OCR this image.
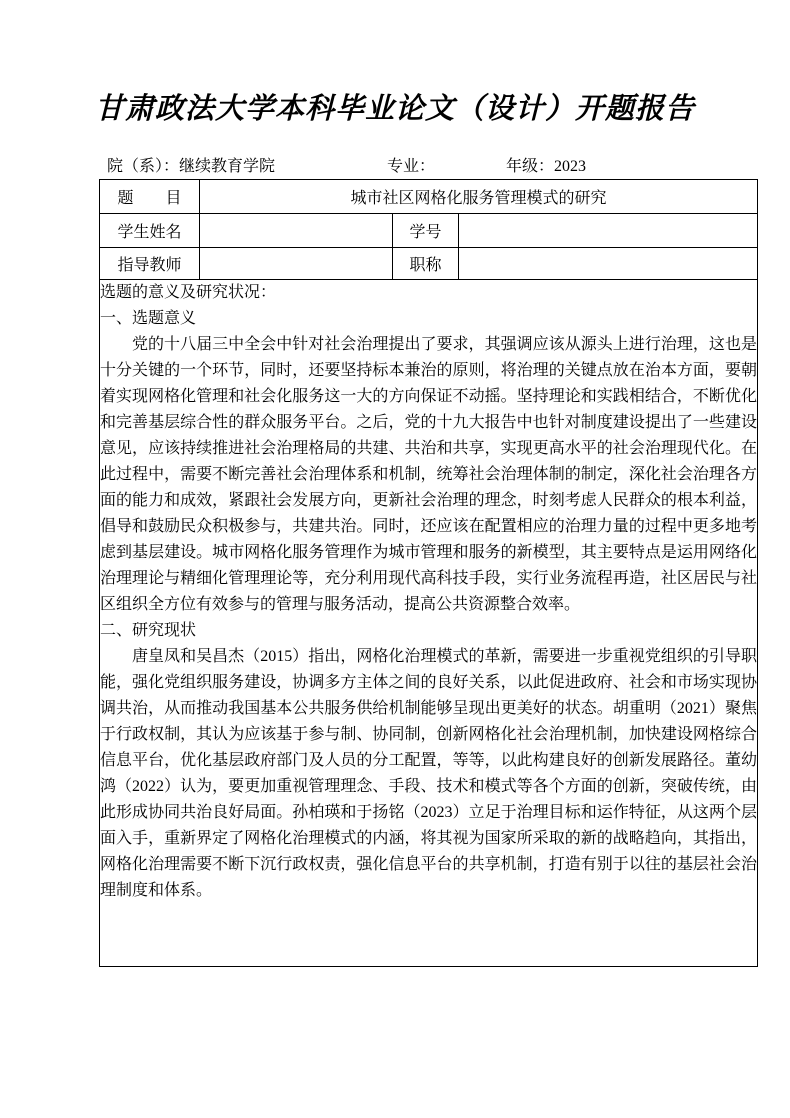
甘肃政法大学本科毕业论文（设计）开题报告
院（系）：继续教育学院	专业：	年级：2023
题　　目	城市社区网格化服务管理模式的研究		
学生姓名		学号	
指导教师		职称	

选题的意义及研究状况：
一、选题意义

党的十八届三中全会中针对社会治理提出了要求，其强调应该从源头上进行治理，这也是十分关键的一个环节，同时，还要坚持标本兼治的原则，将治理的关键点放在治本方面，要朝着实现网格化管理和社会化服务这一大的方向保证不动摇。坚持理论和实践相结合，不断优化和完善基层综合性的群众服务平台。之后，党的十九大报告中也针对制度建设提出了一些建设意见，应该持续推进社会治理格局的共建、共治和共享，实现更高水平的社会治理现代化。在此过程中，需要不断完善社会治理体系和机制，统筹社会治理体制的制定，深化社会治理各方面的能力和成效，紧跟社会发展方向，更新社会治理的理念，时刻考虑人民群众的根本利益，倡导和鼓励民众积极参与，共建共治。同时，还应该在配置相应的治理力量的过程中更多地考虑到基层建设。城市网格化服务管理作为城市管理和服务的新模型，其主要特点是运用网络化治理理论与精细化管理理论等，充分利用现代高科技手段，实行业务流程再造，社区居民与社区组织全方位有效参与的管理与服务活动，提高公共资源整合效率。

二、研究现状

唐皇凤和吴昌杰（2015）指出，网格化治理模式的革新，需要进一步重视党组织的引导职能，强化党组织服务建设，协调多方主体之间的良好关系，以此促进政府、社会和市场实现协调共治，从而推动我国基本公共服务供给机制能够呈现出更美好的状态。胡重明（2021）聚焦于行政权制，其认为应该基于参与制、协同制，创新网格化社会治理机制，加快建设网格综合信息平台，优化基层政府部门及人员的分工配置，等等，以此构建良好的创新发展路径。董幼鸿（2022）认为，要更加重视管理理念、手段、技术和模式等各个方面的创新，突破传统，由此形成协同共治良好局面。孙柏瑛和于扬铭（2023）立足于治理目标和运作特征，从这两个层面入手，重新界定了网格化治理模式的内涵，将其视为国家所采取的新的战略趋向，其指出，网格化治理需要不断下沉行政权责，强化信息平台的共享机制，打造有别于以往的基层社会治理制度和体系。			
